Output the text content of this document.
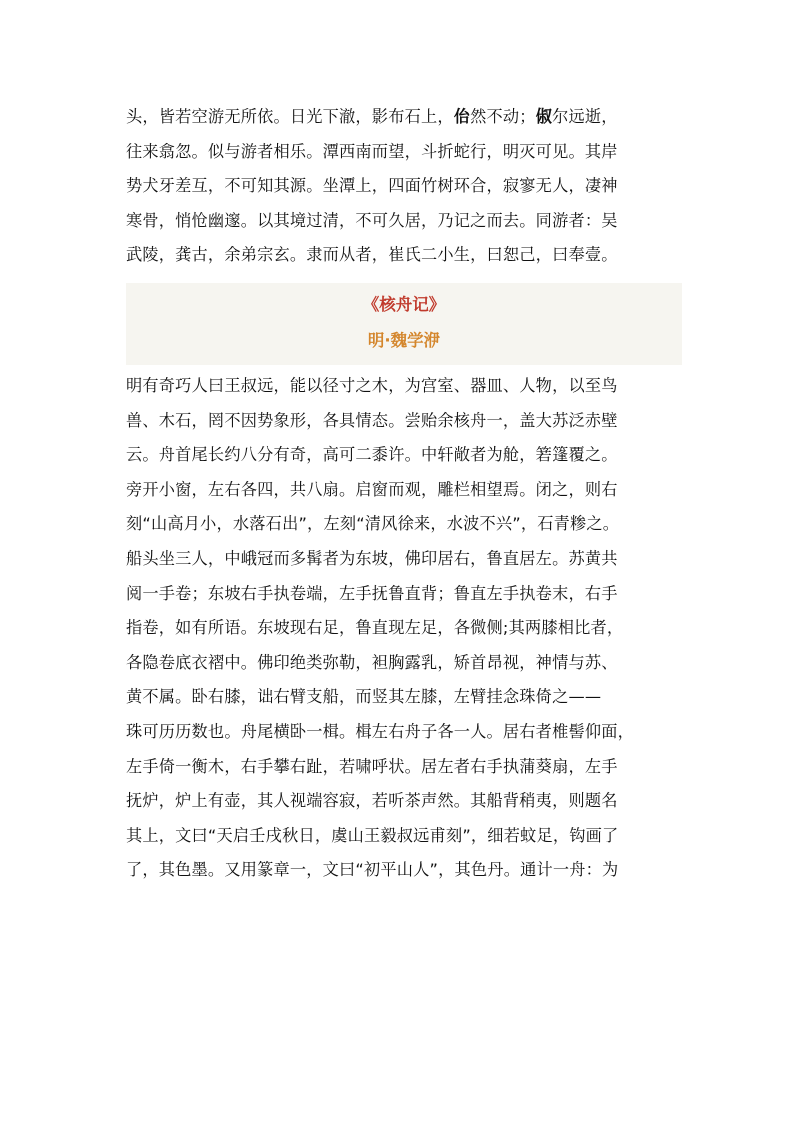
头，皆若空游无所依。日光下澈，影布石上，佁然不动；俶尔远逝，
往来翕忽。似与游者相乐。潭西南而望，斗折蛇行，明灭可见。其岸
势犬牙差互，不可知其源。坐潭上，四面竹树环合，寂寥无人，凄神
寒骨，悄怆幽邃。以其境过清，不可久居，乃记之而去。同游者：吴
武陵，龚古，余弟宗玄。隶而从者，崔氏二小生，曰恕己，曰奉壹。
《核舟记》
明·魏学洢
明有奇巧人曰王叔远，能以径寸之木，为宫室、器皿、人物，以至鸟
兽、木石，罔不因势象形，各具情态。尝贻余核舟一，盖大苏泛赤壁
云。舟首尾长约八分有奇，高可二黍许。中轩敞者为舱，箬篷覆之。
旁开小窗，左右各四，共八扇。启窗而观，雕栏相望焉。闭之，则右
刻“山高月小，水落石出”，左刻“清风徐来，水波不兴”，石青糁之。
船头坐三人，中峨冠而多髯者为东坡，佛印居右，鲁直居左。苏黄共
阅一手卷；东坡右手执卷端，左手抚鲁直背；鲁直左手执卷末，右手
指卷，如有所语。东坡现右足，鲁直现左足，各微侧;其两膝相比者，
各隐卷底衣褶中。佛印绝类弥勒，袒胸露乳，矫首昂视，神情与苏、
黄不属。卧右膝，诎右臂支船，而竖其左膝，左臂挂念珠倚之——
珠可历历数也。舟尾横卧一楫。楫左右舟子各一人。居右者椎髻仰面，
左手倚一衡木，右手攀右趾，若啸呼状。居左者右手执蒲葵扇，左手
抚炉，炉上有壶，其人视端容寂，若听茶声然。其船背稍夷，则题名
其上，文曰“天启壬戌秋日，虞山王毅叔远甫刻”，细若蚊足，钩画了
了，其色墨。又用篆章一，文曰“初平山人”，其色丹。通计一舟：为
